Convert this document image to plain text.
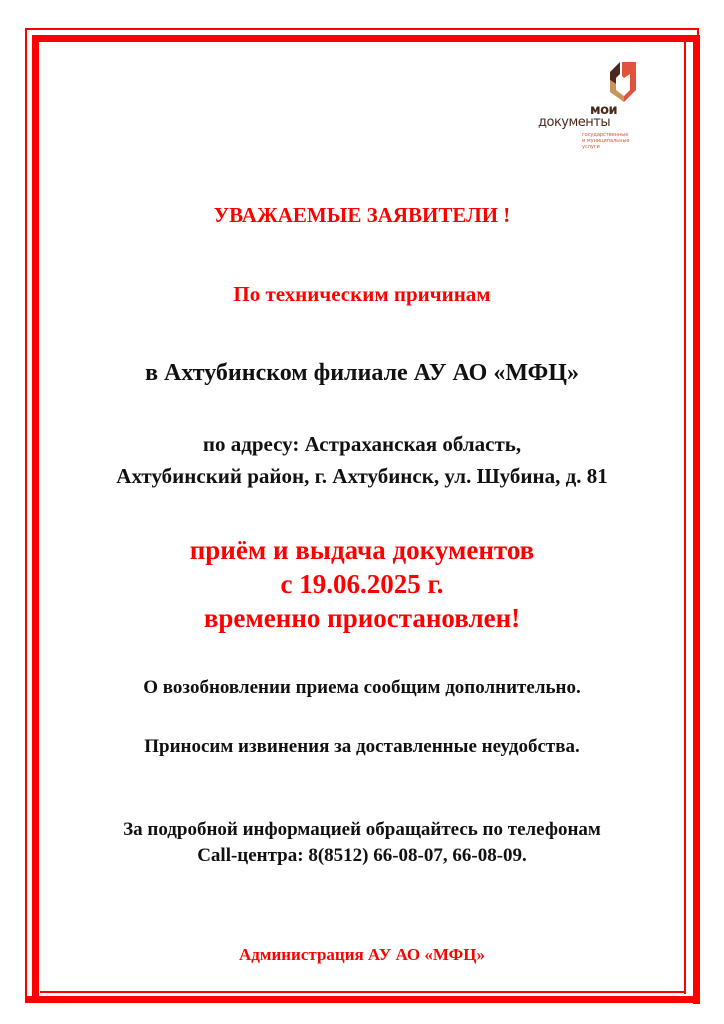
мои
документы
государственные
и муниципальные услуги
УВАЖАЕМЫЕ ЗАЯВИТЕЛИ !
По техническим причинам
в Ахтубинском филиале АУ АО «МФЦ»
по адресу: Астраханская область,
Ахтубинский район, г. Ахтубинск, ул. Шубина, д. 81
приём и выдача документов
с 19.06.2025 г.
временно приостановлен!
О возобновлении приема сообщим дополнительно.
Приносим извинения за доставленные неудобства.
За подробной информацией обращайтесь по телефонам
Call-центра: 8(8512) 66-08-07, 66-08-09.
Администрация АУ АО «МФЦ»
